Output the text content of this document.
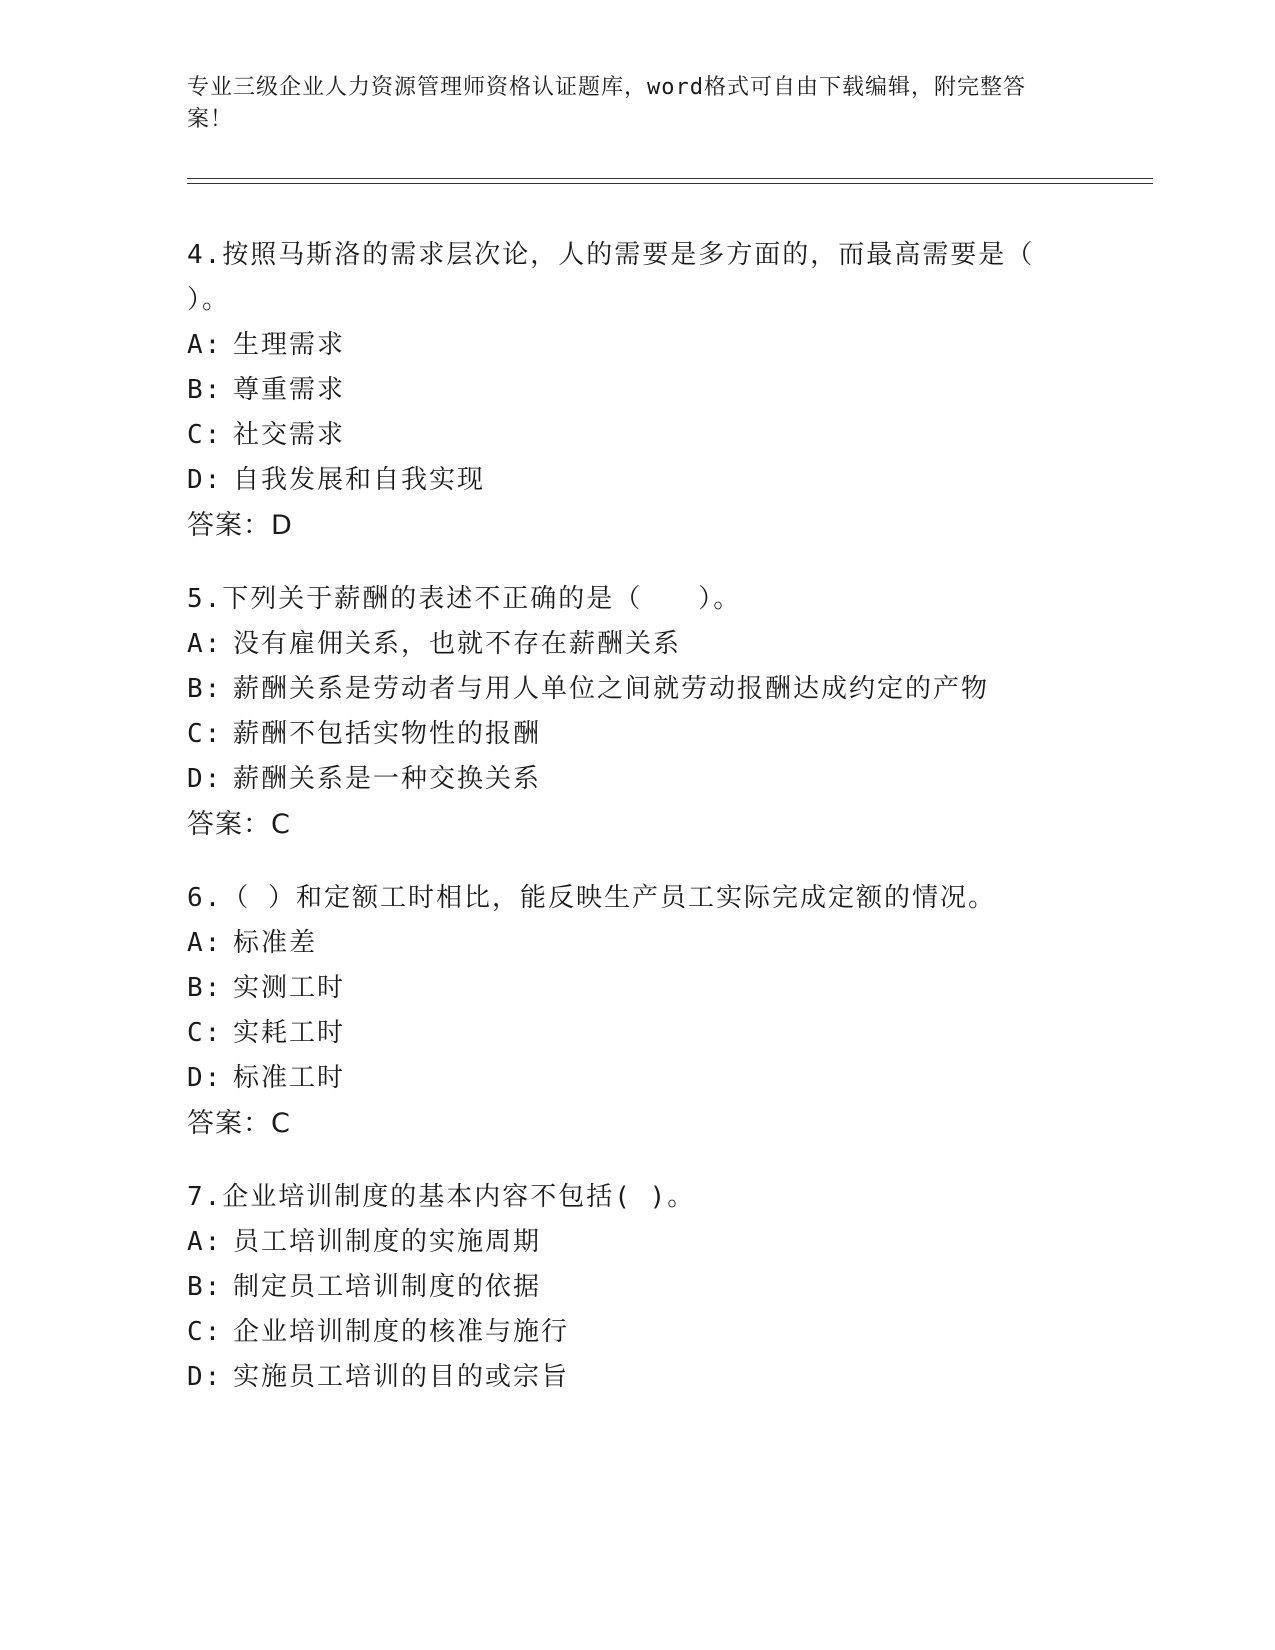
专业三级企业人力资源管理师资格认证题库，word格式可自由下载编辑，附完整答案！

4.按照马斯洛的需求层次论，人的需要是多方面的，而最高需要是（ ）。

A: 生理需求

B: 尊重需求

C: 社交需求

D: 自我发展和自我实现

答案：D

5.下列关于薪酬的表述不正确的是（　　）。

A: 没有雇佣关系，也就不存在薪酬关系

B: 薪酬关系是劳动者与用人单位之间就劳动报酬达成约定的产物

C: 薪酬不包括实物性的报酬

D: 薪酬关系是一种交换关系

答案：C

6.（ ）和定额工时相比，能反映生产员工实际完成定额的情况。

A: 标准差

B: 实测工时

C: 实耗工时

D: 标准工时

答案：C

7.企业培训制度的基本内容不包括( )。

A: 员工培训制度的实施周期

B: 制定员工培训制度的依据

C: 企业培训制度的核准与施行

D: 实施员工培训的目的或宗旨
